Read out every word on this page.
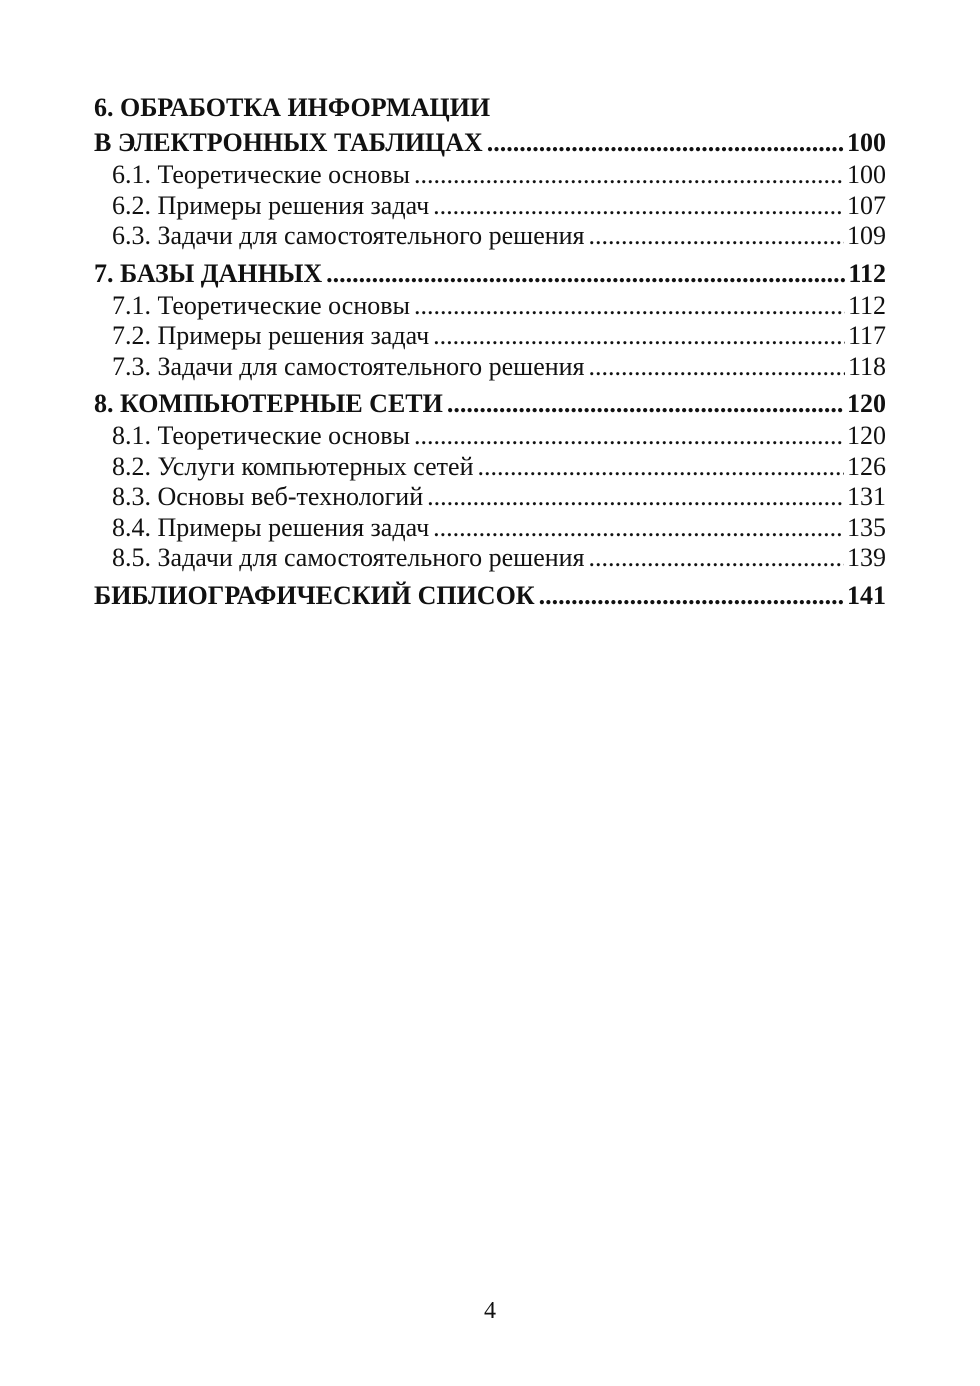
6. ОБРАБОТКА ИНФОРМАЦИИ
В ЭЛЕКТРОННЫХ ТАБЛИЦАХ .....	100
6.1. Теоретические основы .....	100
6.2. Примеры решения задач .....	107
6.3. Задачи для самостоятельного решения .....	109
7. БАЗЫ ДАННЫХ .....	112
7.1. Теоретические основы .....	112
7.2. Примеры решения задач .....	117
7.3. Задачи для самостоятельного решения .....	118
8. КОМПЬЮТЕРНЫЕ СЕТИ .....	120
8.1. Теоретические основы .....	120
8.2. Услуги компьютерных сетей .....	126
8.3. Основы веб-технологий .....	131
8.4. Примеры решения задач .....	135
8.5. Задачи для самостоятельного решения .....	139
БИБЛИОГРАФИЧЕСКИЙ СПИСОК .....	141
4
